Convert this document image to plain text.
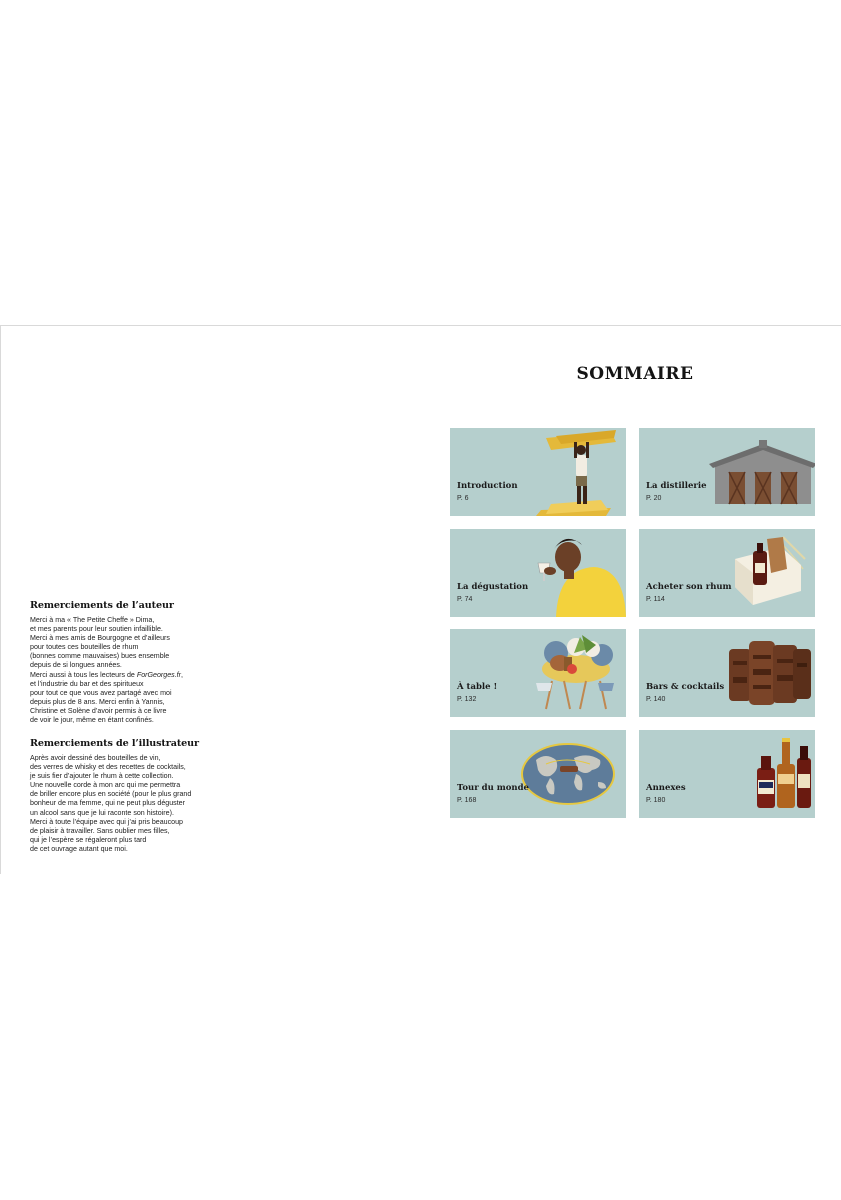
Remerciements de l’auteur
Merci à ma « The Petite Cheffe » Dima,
et mes parents pour leur soutien infaillible.
Merci à mes amis de Bourgogne et d’ailleurs
pour toutes ces bouteilles de rhum
(bonnes comme mauvaises) bues ensemble
depuis de si longues années.
Merci aussi à tous les lecteurs de ForGeorges.fr,
et l’industrie du bar et des spiritueux
pour tout ce que vous avez partagé avec moi
depuis plus de 8 ans. Merci enfin à Yannis,
Christine et Solène d’avoir permis à ce livre
de voir le jour, même en étant confinés.
Remerciements de l’illustrateur
Après avoir dessiné des bouteilles de vin,
des verres de whisky et des recettes de cocktails,
je suis fier d’ajouter le rhum à cette collection.
Une nouvelle corde à mon arc qui me permettra
de briller encore plus en société (pour le plus grand
bonheur de ma femme, qui ne peut plus déguster
un alcool sans que je lui raconte son histoire).
Merci à toute l’équipe avec qui j’ai pris beaucoup
de plaisir à travailler. Sans oublier mes filles,
qui je l’espère se régaleront plus tard
de cet ouvrage autant que moi.
SOMMAIRE
Introduction
P. 6
La distillerie
P. 20
La dégustation
P. 74
Acheter son rhum
P. 114
À table !
P. 132
Bars & cocktails
P. 140
Tour du monde
P. 168
Annexes
P. 180
